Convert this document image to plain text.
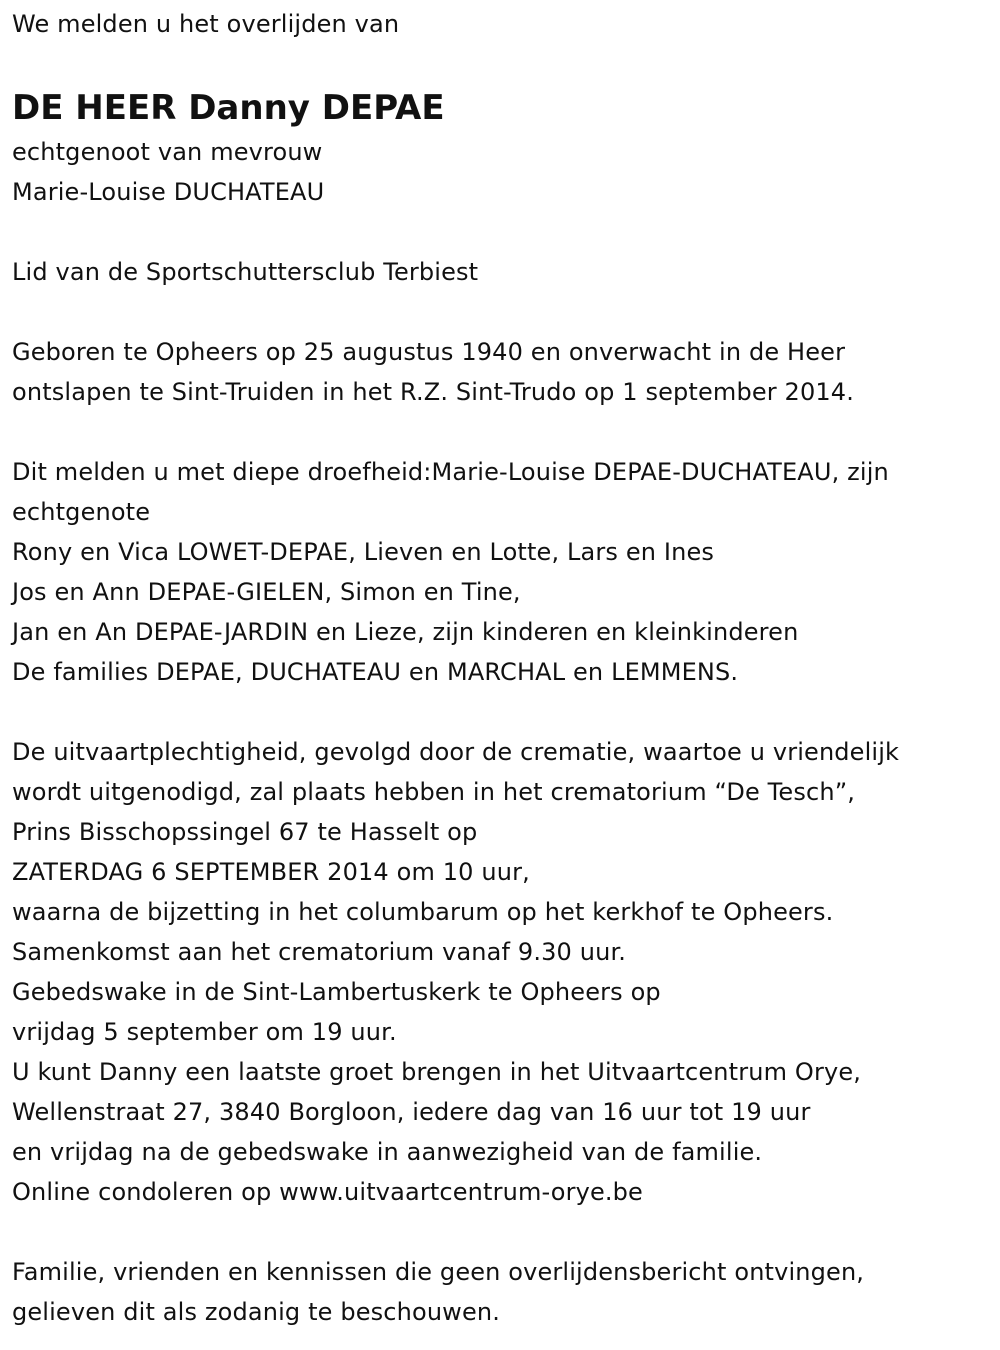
We melden u het overlijden van
DE HEER Danny DEPAE
echtgenoot van mevrouw
Marie-Louise DUCHATEAU
Lid van de Sportschuttersclub Terbiest
Geboren te Opheers op 25 augustus 1940 en onverwacht in de Heer
ontslapen te Sint-Truiden in het R.Z. Sint-Trudo op 1 september 2014.
Dit melden u met diepe droefheid:Marie-Louise DEPAE-DUCHATEAU, zijn
echtgenote
Rony en Vica LOWET-DEPAE, Lieven en Lotte, Lars en Ines
Jos en Ann DEPAE-GIELEN, Simon en Tine,
Jan en An DEPAE-JARDIN en Lieze, zijn kinderen en kleinkinderen
De families DEPAE, DUCHATEAU en MARCHAL en LEMMENS.
De uitvaartplechtigheid, gevolgd door de crematie, waartoe u vriendelijk
wordt uitgenodigd, zal plaats hebben in het crematorium “De Tesch”,
Prins Bisschopssingel 67 te Hasselt op
ZATERDAG 6 SEPTEMBER 2014 om 10 uur,
waarna de bijzetting in het columbarum op het kerkhof te Opheers.
Samenkomst aan het crematorium vanaf 9.30 uur.
Gebedswake in de Sint-Lambertuskerk te Opheers op
vrijdag 5 september om 19 uur.
U kunt Danny een laatste groet brengen in het Uitvaartcentrum Orye,
Wellenstraat 27, 3840 Borgloon, iedere dag van 16 uur tot 19 uur
en vrijdag na de gebedswake in aanwezigheid van de familie.
Online condoleren op www.uitvaartcentrum-orye.be
Familie, vrienden en kennissen die geen overlijdensbericht ontvingen,
gelieven dit als zodanig te beschouwen.
